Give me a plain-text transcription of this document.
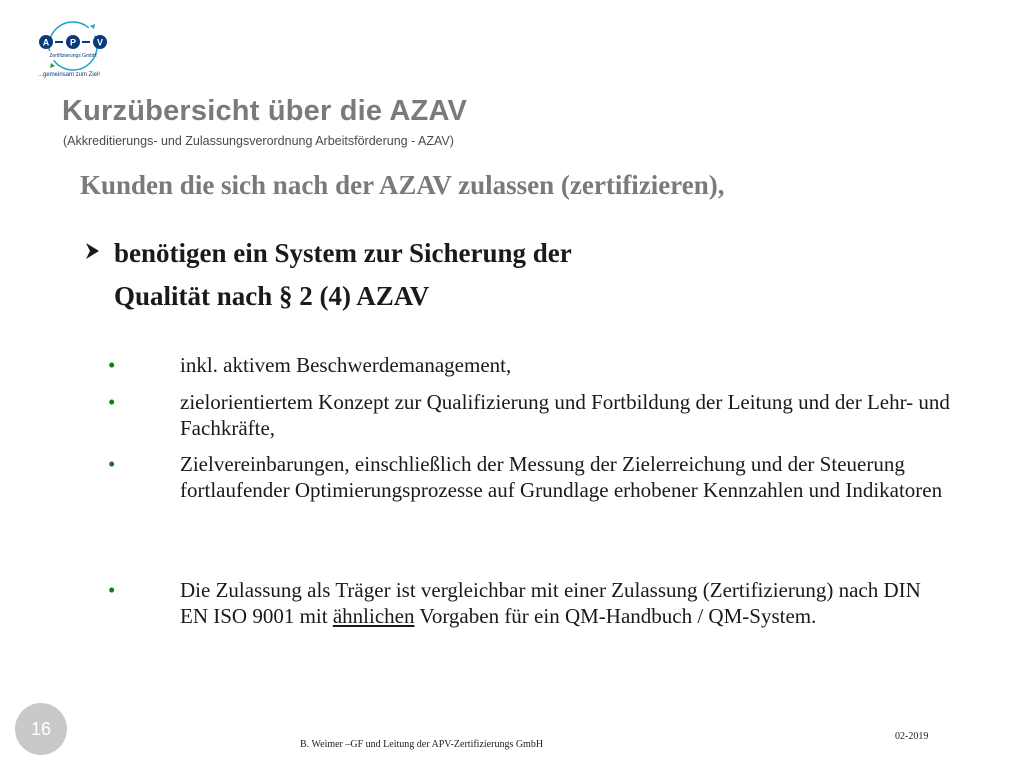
A P V
Zertifizierungs GmbH
...gemeinsam zum Ziel!
Kurzübersicht über die AZAV
(Akkreditierungs- und Zulassungsverordnung Arbeitsförderung - AZAV)
Kunden die sich nach der AZAV zulassen (zertifizieren),
benötigen ein System zur Sicherung der
Qualität nach § 2 (4) AZAV
•	inkl. aktivem Beschwerdemanagement,
•	zielorientiertem Konzept zur Qualifizierung und Fortbildung der Leitung und der Lehr- und Fachkräfte,
•	Zielvereinbarungen, einschließlich der Messung der Zielerreichung und der Steuerung fortlaufender Optimierungsprozesse auf Grundlage erhobener Kennzahlen und Indikatoren
•	Die Zulassung als Träger ist vergleichbar mit einer Zulassung (Zertifizierung) nach DIN EN ISO 9001 mit ähnlichen Vorgaben für ein QM-Handbuch / QM-System.
16
B. Weimer –GF und Leitung der APV-Zertifizierungs GmbH
02-2019
